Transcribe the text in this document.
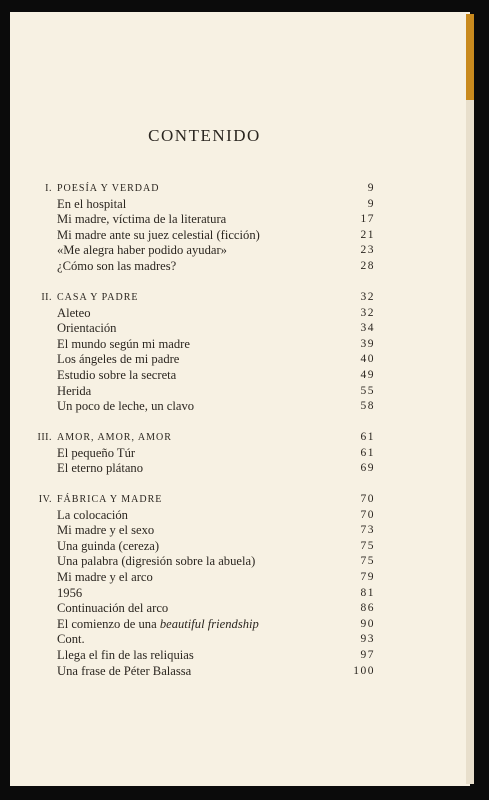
CONTENIDO
I. POESÍA Y VERDAD	9
En el hospital	9
Mi madre, víctima de la literatura	17
Mi madre ante su juez celestial (ficción)	21
«Me alegra haber podido ayudar»	23
¿Cómo son las madres?	28
II. CASA Y PADRE	32
Aleteo	32
Orientación	34
El mundo según mi madre	39
Los ángeles de mi padre	40
Estudio sobre la secreta	49
Herida	55
Un poco de leche, un clavo	58
III. AMOR, AMOR, AMOR	61
El pequeño Túr	61
El eterno plátano	69
IV. FÁBRICA Y MADRE	70
La colocación	70
Mi madre y el sexo	73
Una guinda (cereza)	75
Una palabra (digresión sobre la abuela)	75
Mi madre y el arco	79
1956	81
Continuación del arco	86
El comienzo de una beautiful friendship	90
Cont.	93
Llega el fin de las reliquias	97
Una frase de Péter Balassa	100
